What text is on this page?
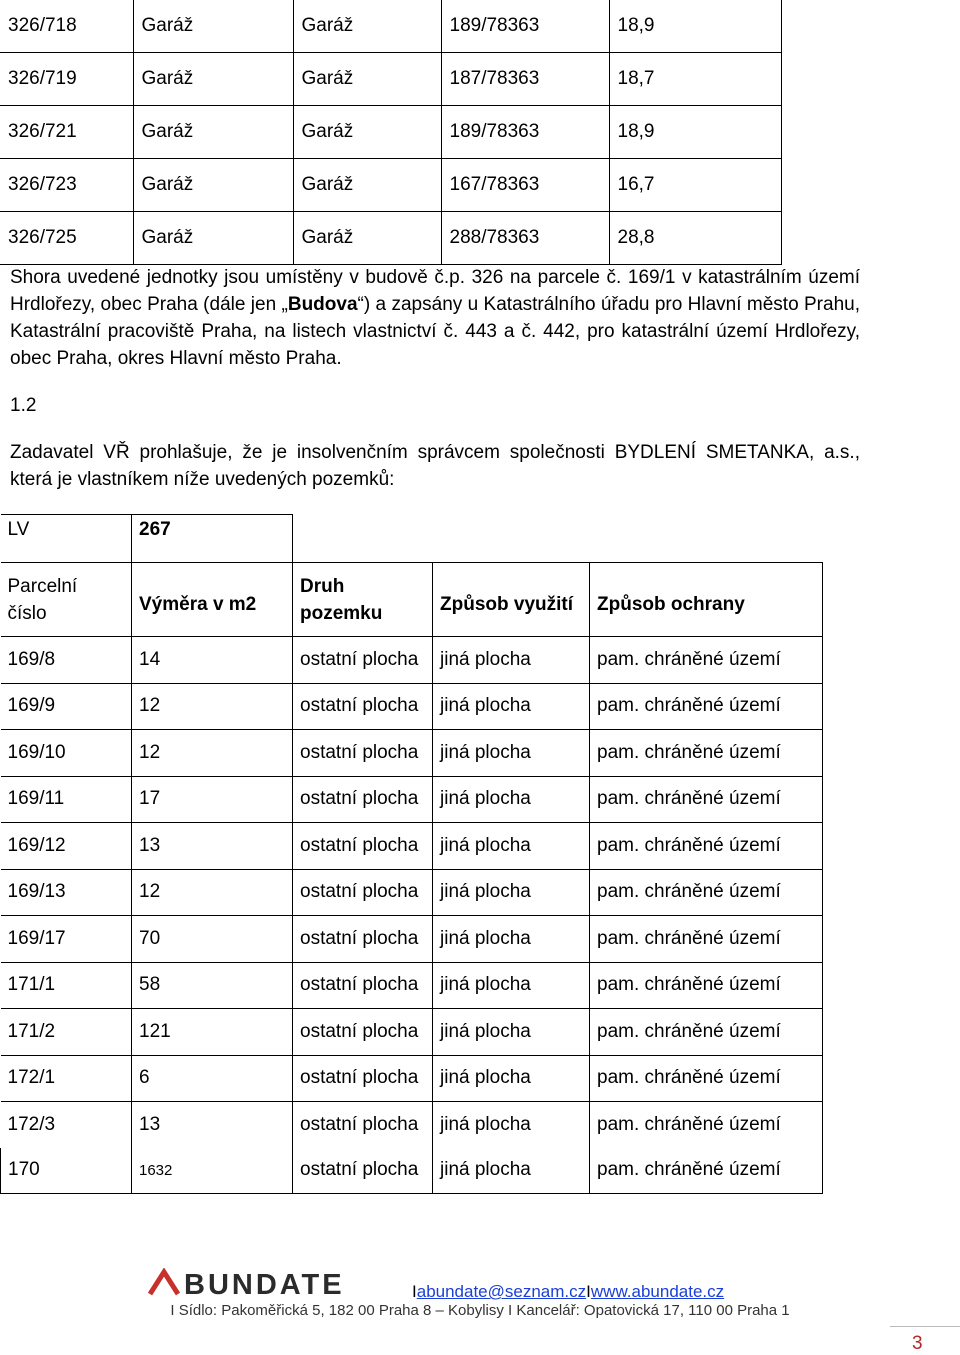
326/718	Garáž	Garáž	189/78363	18,9
326/719	Garáž	Garáž	187/78363	18,7
326/721	Garáž	Garáž	189/78363	18,9
326/723	Garáž	Garáž	167/78363	16,7
326/725	Garáž	Garáž	288/78363	28,8

Shora uvedené jednotky jsou umístěny v budově č.p. 326 na parcele č. 169/1 v katastrálním území Hrdlořezy, obec Praha (dále jen „Budova“) a zapsány u Katastrálního úřadu pro Hlavní město Prahu, Katastrální pracoviště Praha, na listech vlastnictví č. 443 a č. 442, pro katastrální území Hrdlořezy, obec Praha, okres Hlavní město Praha.

1.2

Zadavatel VŘ prohlašuje, že je insolvenčním správcem společnosti BYDLENÍ SMETANKA, a.s., která je vlastníkem níže uvedených pozemků:

LV	267			
Parcelní číslo	Výměra v m2	Druh pozemku	Způsob využití	Způsob ochrany
169/8	14	ostatní plocha	jiná plocha	pam. chráněné území
169/9	12	ostatní plocha	jiná plocha	pam. chráněné území
169/10	12	ostatní plocha	jiná plocha	pam. chráněné území
169/11	17	ostatní plocha	jiná plocha	pam. chráněné území
169/12	13	ostatní plocha	jiná plocha	pam. chráněné území
169/13	12	ostatní plocha	jiná plocha	pam. chráněné území
169/17	70	ostatní plocha	jiná plocha	pam. chráněné území
171/1	58	ostatní plocha	jiná plocha	pam. chráněné území
171/2	121	ostatní plocha	jiná plocha	pam. chráněné území
172/1	6	ostatní plocha	jiná plocha	pam. chráněné území
172/3	13	ostatní plocha	jiná plocha	pam. chráněné území
170	1632	ostatní plocha	jiná plocha	pam. chráněné území
BUNDATE	Iabundate@seznam.czIwww.abundate.cz
I Sídlo: Pakoměřická 5, 182 00 Praha 8 – Kobylisy I Kancelář: Opatovická 17, 110 00 Praha 1
3
